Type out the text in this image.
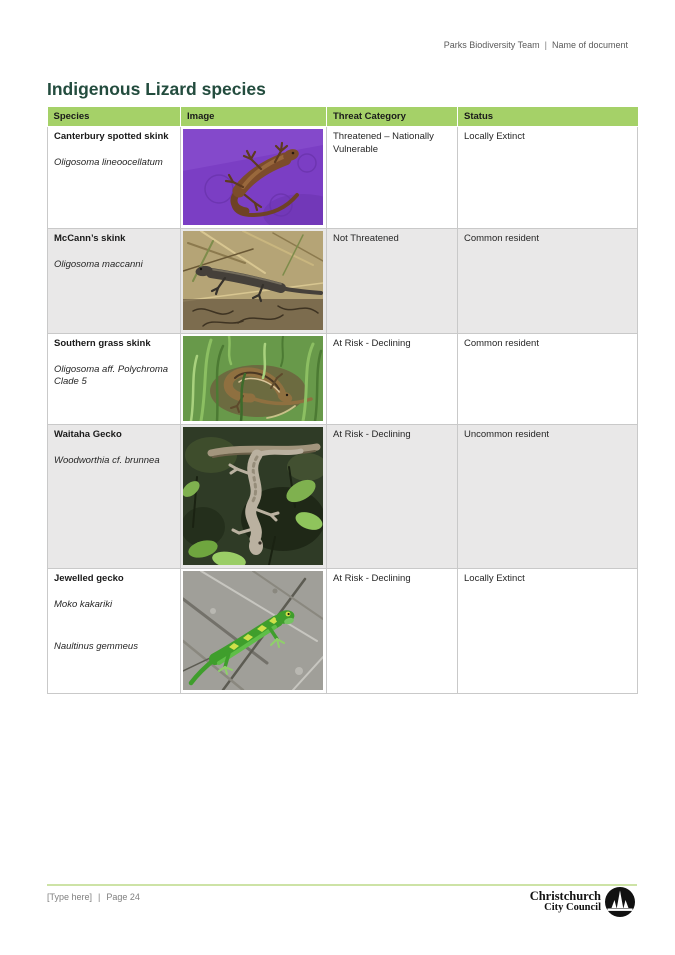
Parks Biodiversity Team | Name of document
Indigenous Lizard species
Species	Image	Threat Category	Status

Canterbury spotted skink
Oligosoma lineoocellatum		Threatened – Nationally Vulnerable	Locally Extinct

McCann’s skink
Oligosoma maccanni		Not Threatened	Common resident

Southern grass skink
Oligosoma aff. Polychroma Clade 5		At Risk - Declining	Common resident

Waitaha Gecko
Woodworthia cf. brunnea		At Risk - Declining	Uncommon resident

Jewelled gecko
Moko kakariki
Naultinus gemmeus		At Risk - Declining	Locally Extinct
[Type here] | Page 24	Christchurch
City Council
